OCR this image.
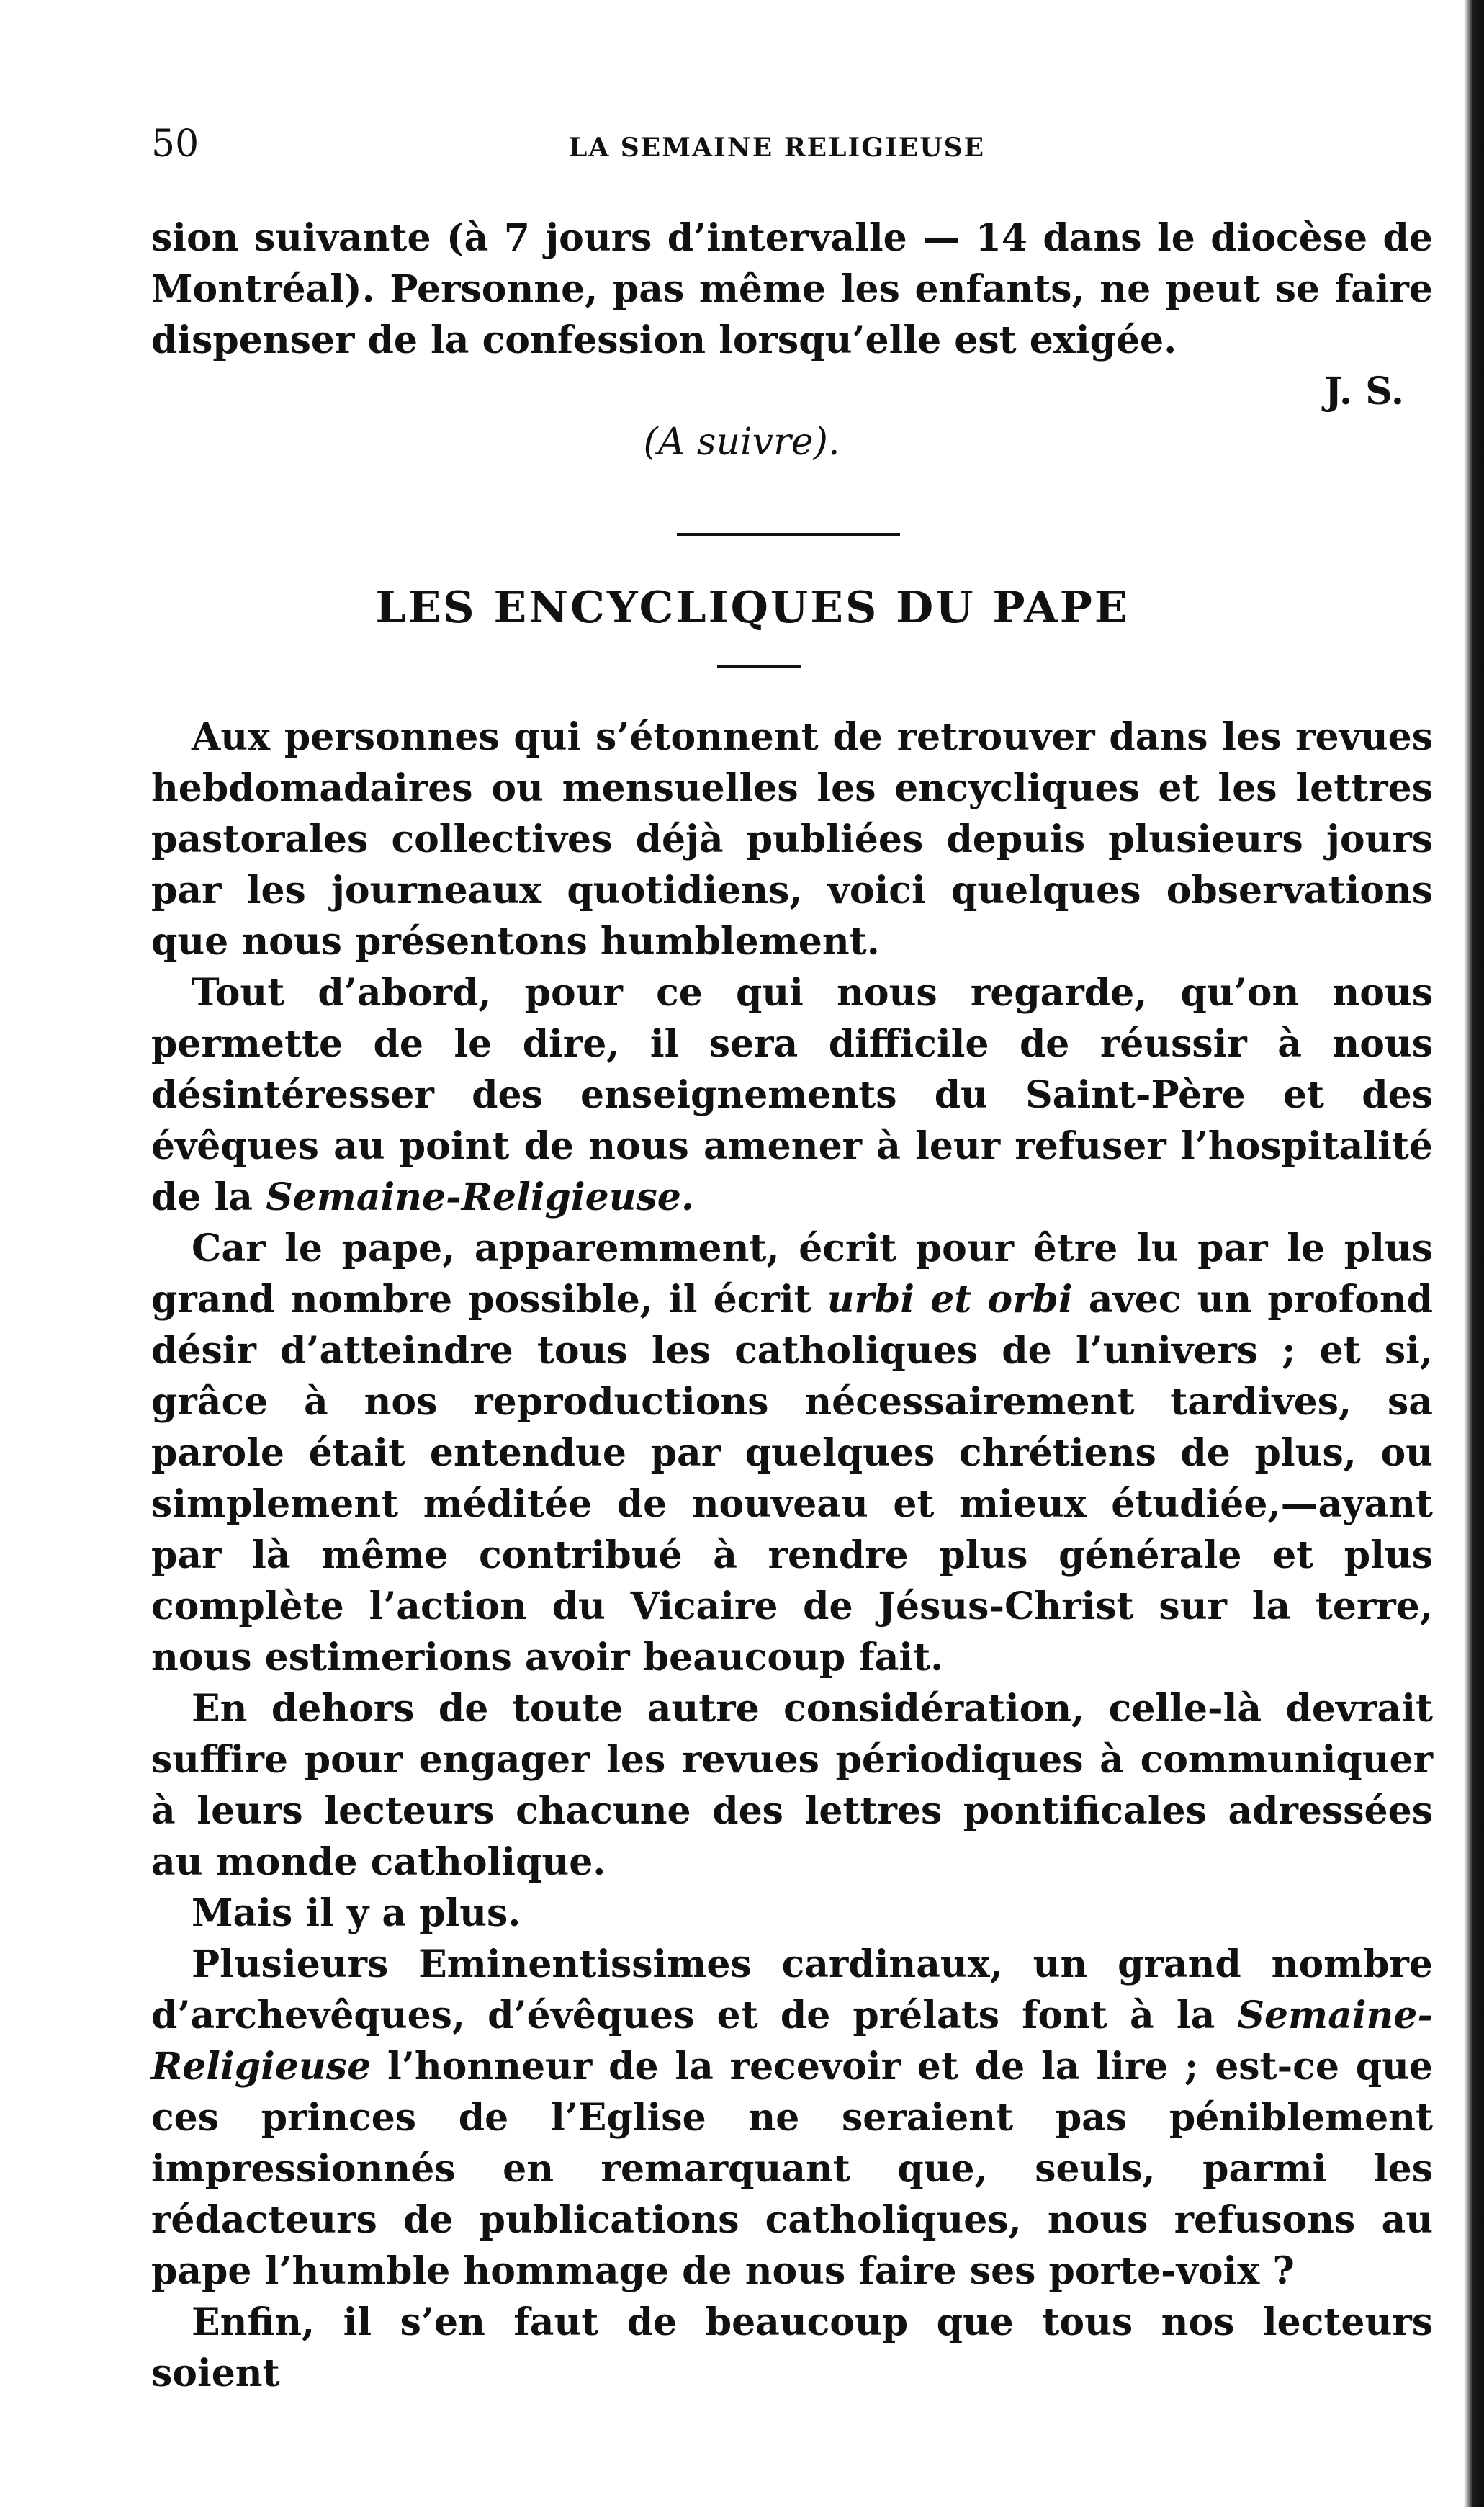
50	LA SEMAINE RELIGIEUSE

sion suivante (à 7 jours d’intervalle — 14 dans le diocèse de Montréal). Personne, pas même les enfants, ne peut se faire dispenser de la confession lorsqu’elle est exigée.

J. S.

(A suivre).

LES ENCYCLIQUES DU PAPE

Aux personnes qui s’étonnent de retrouver dans les revues hebdomadaires ou mensuelles les encycliques et les lettres pastorales collectives déjà publiées depuis plusieurs jours par les journeaux quotidiens, voici quelques observations que nous présentons humblement.

Tout d’abord, pour ce qui nous regarde, qu’on nous permette de le dire, il sera difficile de réussir à nous désintéresser des enseignements du Saint-Père et des évêques au point de nous amener à leur refuser l’hospitalité de la Semaine-Religieuse.

Car le pape, apparemment, écrit pour être lu par le plus grand nombre possible, il écrit urbi et orbi avec un profond désir d’atteindre tous les catholiques de l’univers ; et si, grâce à nos reproductions nécessairement tardives, sa parole était entendue par quelques chrétiens de plus, ou simplement méditée de nouveau et mieux étudiée,—ayant par là même contribué à rendre plus générale et plus complète l’action du Vicaire de Jésus-Christ sur la terre, nous estimerions avoir beaucoup fait.

En dehors de toute autre considération, celle-là devrait suffire pour engager les revues périodiques à communiquer à leurs lecteurs chacune des lettres pontificales adressées au monde catholique.

Mais il y a plus.

Plusieurs Eminentissimes cardinaux, un grand nombre d’archevêques, d’évêques et de prélats font à la Semaine-Religieuse l’honneur de la recevoir et de la lire ; est-ce que ces princes de l’Eglise ne seraient pas péniblement impressionnés en remarquant que, seuls, parmi les rédacteurs de publications catholiques, nous refusons au pape l’humble hommage de nous faire ses porte-voix ?

Enfin, il s’en faut de beaucoup que tous nos lecteurs soient
